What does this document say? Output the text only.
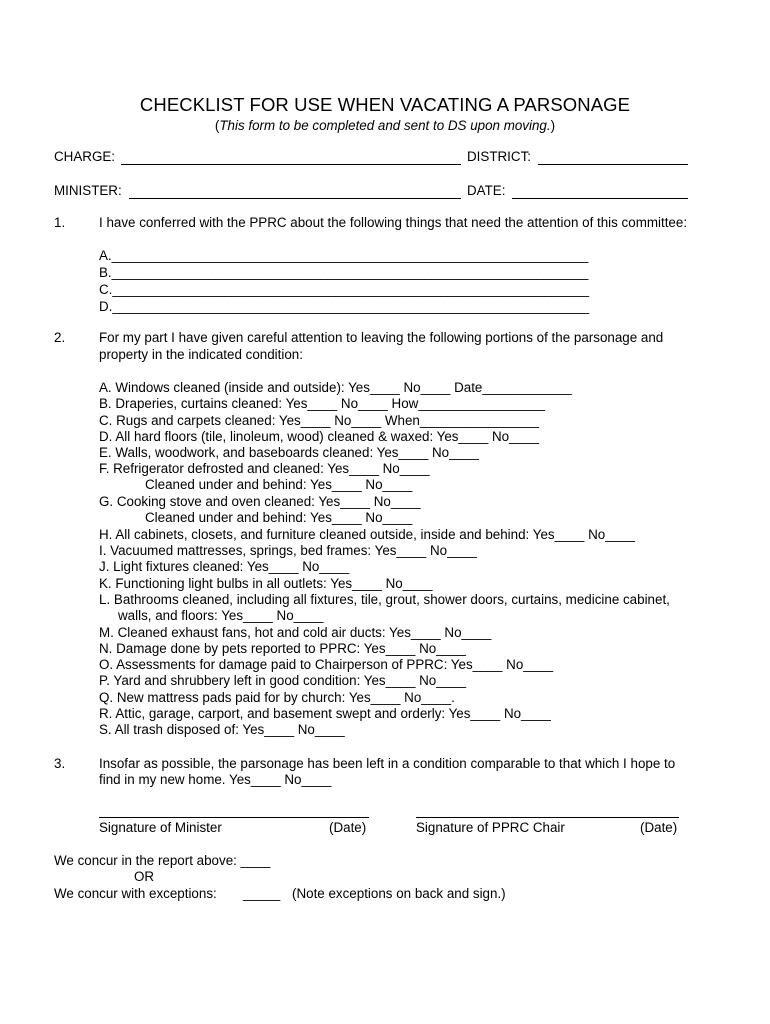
CHECKLIST FOR USE WHEN VACATING A PARSONAGE
(This form to be completed and sent to DS upon moving.)
CHARGE:	DISTRICT:
MINISTER:	DATE:
1.	I have conferred with the PPRC about the following things that need the attention of this committee:
A.________________________________________________________________
B.________________________________________________________________
C.________________________________________________________________
D.________________________________________________________________
2.	For my part I have given careful attention to leaving the following portions of the parsonage and
property in the indicated condition:
A. Windows cleaned (inside and outside): Yes____ No____ Date____________
B. Draperies, curtains cleaned: Yes____ No____ How_________________
C. Rugs and carpets cleaned: Yes____ No____ When________________
D. All hard floors (tile, linoleum, wood) cleaned & waxed: Yes____ No____
E. Walls, woodwork, and baseboards cleaned: Yes____ No____
F. Refrigerator defrosted and cleaned: Yes____ No____
Cleaned under and behind: Yes____ No____
G. Cooking stove and oven cleaned: Yes____ No____
Cleaned under and behind: Yes____ No____
H. All cabinets, closets, and furniture cleaned outside, inside and behind: Yes____ No____
I. Vacuumed mattresses, springs, bed frames: Yes____ No____
J. Light fixtures cleaned: Yes____ No____
K. Functioning light bulbs in all outlets: Yes____ No____
L. Bathrooms cleaned, including all fixtures, tile, grout, shower doors, curtains, medicine cabinet,
walls, and floors: Yes____ No____
M. Cleaned exhaust fans, hot and cold air ducts: Yes____ No____
N. Damage done by pets reported to PPRC: Yes____ No____
O. Assessments for damage paid to Chairperson of PPRC: Yes____ No____
P. Yard and shrubbery left in good condition: Yes____ No____
Q. New mattress pads paid for by church: Yes____ No____.
R. Attic, garage, carport, and basement swept and orderly: Yes____ No____
S. All trash disposed of: Yes____ No____
3.	Insofar as possible, the parsonage has been left in a condition comparable to that which I hope to
find in my new home. Yes____ No____
Signature of Minister	(Date)	Signature of PPRC Chair	(Date)
We concur in the report above: ____
OR
We concur with exceptions: _____ (Note exceptions on back and sign.)
